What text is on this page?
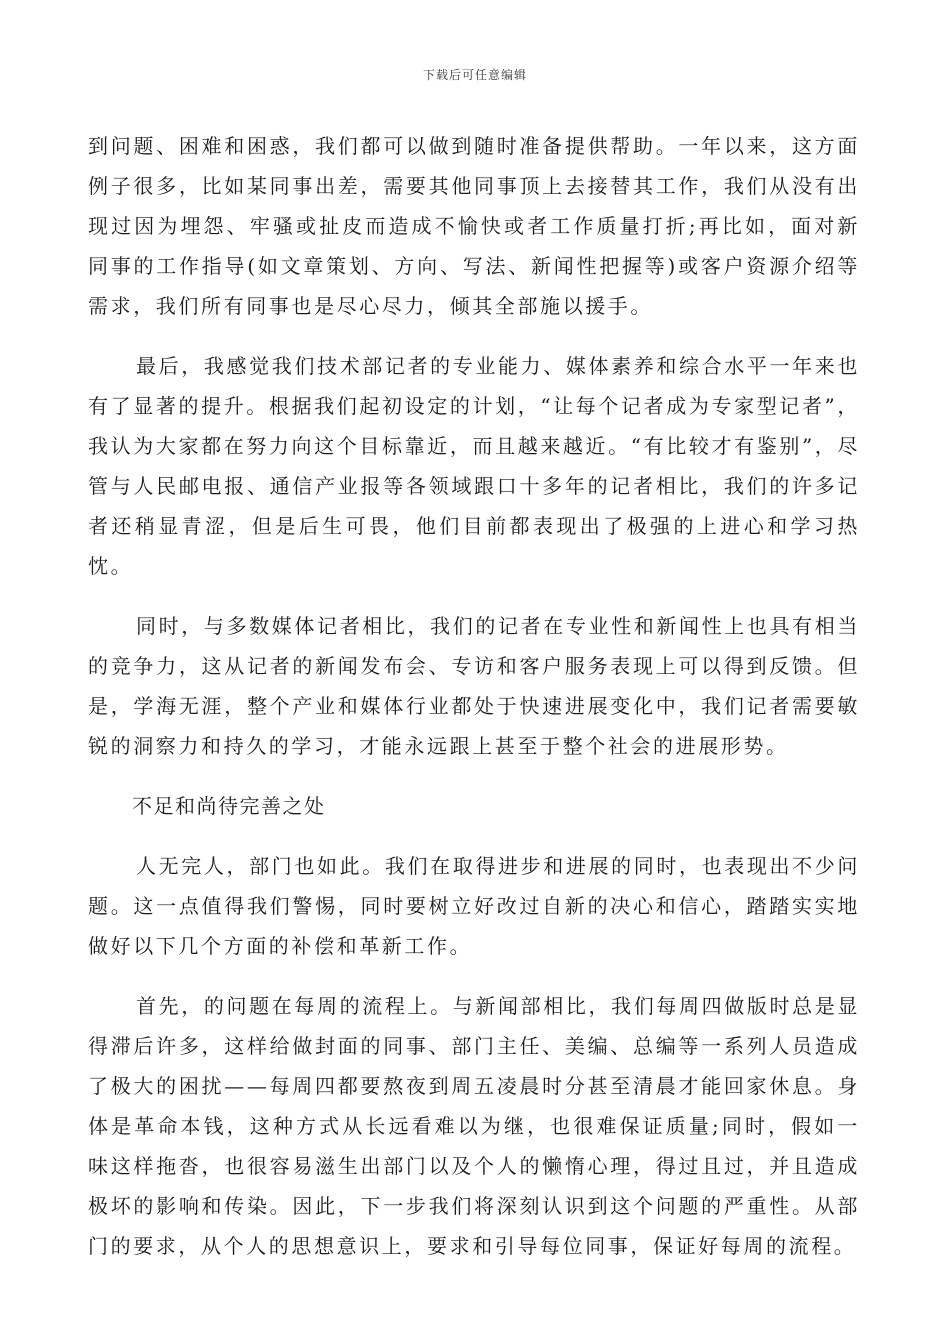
下载后可任意编辑

到问题、困难和困惑，我们都可以做到随时准备提供帮助。一年以来，这方面例子很多，比如某同事出差，需要其他同事顶上去接替其工作，我们从没有出现过因为埋怨、牢骚或扯皮而造成不愉快或者工作质量打折;再比如，面对新同事的工作指导(如文章策划、方向、写法、新闻性把握等)或客户资源介绍等需求，我们所有同事也是尽心尽力，倾其全部施以援手。

最后，我感觉我们技术部记者的专业能力、媒体素养和综合水平一年来也有了显著的提升。根据我们起初设定的计划，“让每个记者成为专家型记者”，我认为大家都在努力向这个目标靠近，而且越来越近。“有比较才有鉴别”，尽管与人民邮电报、通信产业报等各领域跟口十多年的记者相比，我们的许多记者还稍显青涩，但是后生可畏，他们目前都表现出了极强的上进心和学习热忱。

同时，与多数媒体记者相比，我们的记者在专业性和新闻性上也具有相当的竞争力，这从记者的新闻发布会、专访和客户服务表现上可以得到反馈。但是，学海无涯，整个产业和媒体行业都处于快速进展变化中，我们记者需要敏锐的洞察力和持久的学习，才能永远跟上甚至于整个社会的进展形势。

不足和尚待完善之处

人无完人，部门也如此。我们在取得进步和进展的同时，也表现出不少问题。这一点值得我们警惕，同时要树立好改过自新的决心和信心，踏踏实实地做好以下几个方面的补偿和革新工作。

首先，的问题在每周的流程上。与新闻部相比，我们每周四做版时总是显得滞后许多，这样给做封面的同事、部门主任、美编、总编等一系列人员造成了极大的困扰——每周四都要熬夜到周五凌晨时分甚至清晨才能回家休息。身体是革命本钱，这种方式从长远看难以为继，也很难保证质量;同时，假如一味这样拖沓，也很容易滋生出部门以及个人的懒惰心理，得过且过，并且造成极坏的影响和传染。因此，下一步我们将深刻认识到这个问题的严重性。从部门的要求，从个人的思想意识上，要求和引导每位同事，保证好每周的流程。
